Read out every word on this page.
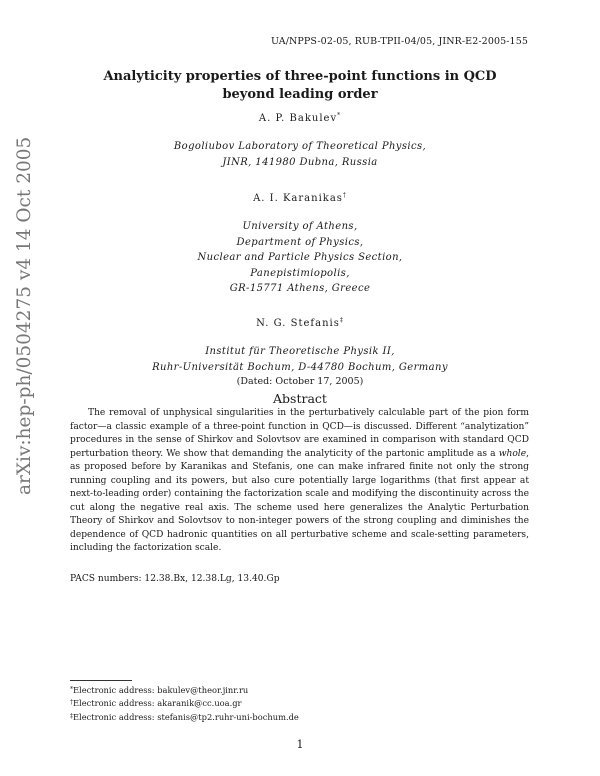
UA/NPPS-02-05, RUB-TPII-04/05, JINR-E2-2005-155
arXiv:hep-ph/0504275 v4 14 Oct 2005
Analyticity properties of three-point functions in QCD beyond leading order
A. P. Bakulev*
Bogoliubov Laboratory of Theoretical Physics,
JINR, 141980 Dubna, Russia
A. I. Karanikas†
University of Athens,
Department of Physics,
Nuclear and Particle Physics Section,
Panepistimiopolis,
GR-15771 Athens, Greece
N. G. Stefanis‡
Institut für Theoretische Physik II,
Ruhr-Universität Bochum, D-44780 Bochum, Germany
(Dated: October 17, 2005)
Abstract
The removal of unphysical singularities in the perturbatively calculable part of the pion form factor—a classic example of a three-point function in QCD—is discussed. Different “analytization” procedures in the sense of Shirkov and Solovtsov are examined in comparison with standard QCD perturbation theory. We show that demanding the analyticity of the partonic amplitude as a whole, as proposed before by Karanikas and Stefanis, one can make infrared finite not only the strong running coupling and its powers, but also cure potentially large logarithms (that first appear at next-to-leading order) containing the factorization scale and modifying the discontinuity across the cut along the negative real axis. The scheme used here generalizes the Analytic Perturbation Theory of Shirkov and Solovtsov to non-integer powers of the strong coupling and diminishes the dependence of QCD hadronic quantities on all perturbative scheme and scale-setting parameters, including the factorization scale.
PACS numbers: 12.38.Bx, 12.38.Lg, 13.40.Gp
*Electronic address: bakulev@theor.jinr.ru
†Electronic address: akaranik@cc.uoa.gr
‡Electronic address: stefanis@tp2.ruhr-uni-bochum.de
1
